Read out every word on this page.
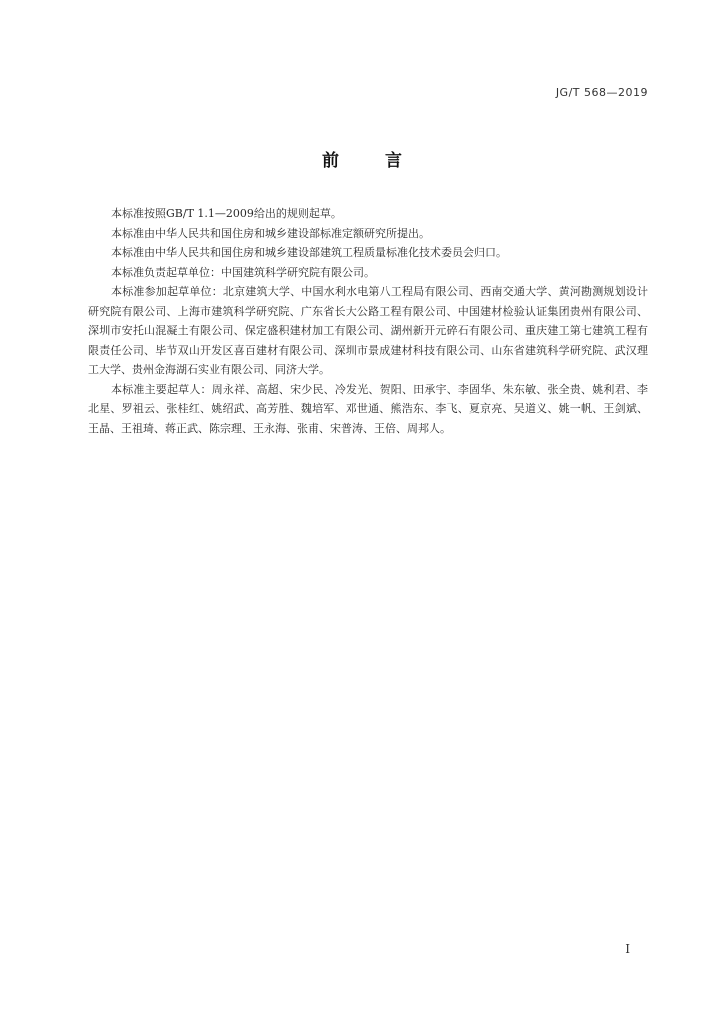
JG/T 568—2019
前言

本标准按照GB/T 1.1—2009给出的规则起草。

本标准由中华人民共和国住房和城乡建设部标准定额研究所提出。

本标准由中华人民共和国住房和城乡建设部建筑工程质量标准化技术委员会归口。

本标准负责起草单位：中国建筑科学研究院有限公司。

本标准参加起草单位：北京建筑大学、中国水利水电第八工程局有限公司、西南交通大学、黄河勘测规划设计研究院有限公司、上海市建筑科学研究院、广东省长大公路工程有限公司、中国建材检验认证集团贵州有限公司、深圳市安托山混凝土有限公司、保定盛积建材加工有限公司、湖州新开元碎石有限公司、重庆建工第七建筑工程有限责任公司、毕节双山开发区喜百建材有限公司、深圳市景成建材科技有限公司、山东省建筑科学研究院、武汉理工大学、贵州金海湖石实业有限公司、同济大学。

本标准主要起草人：周永祥、高超、宋少民、冷发光、贺阳、田承宇、李固华、朱东敏、张全贵、姚利君、李北星、罗祖云、张桂红、姚绍武、高芳胜、魏培军、邓世通、熊浩东、李飞、夏京亮、吴道义、姚一帆、王剑斌、王晶、王祖琦、蒋正武、陈宗理、王永海、张甫、宋普涛、王倍、周邦人。

I
